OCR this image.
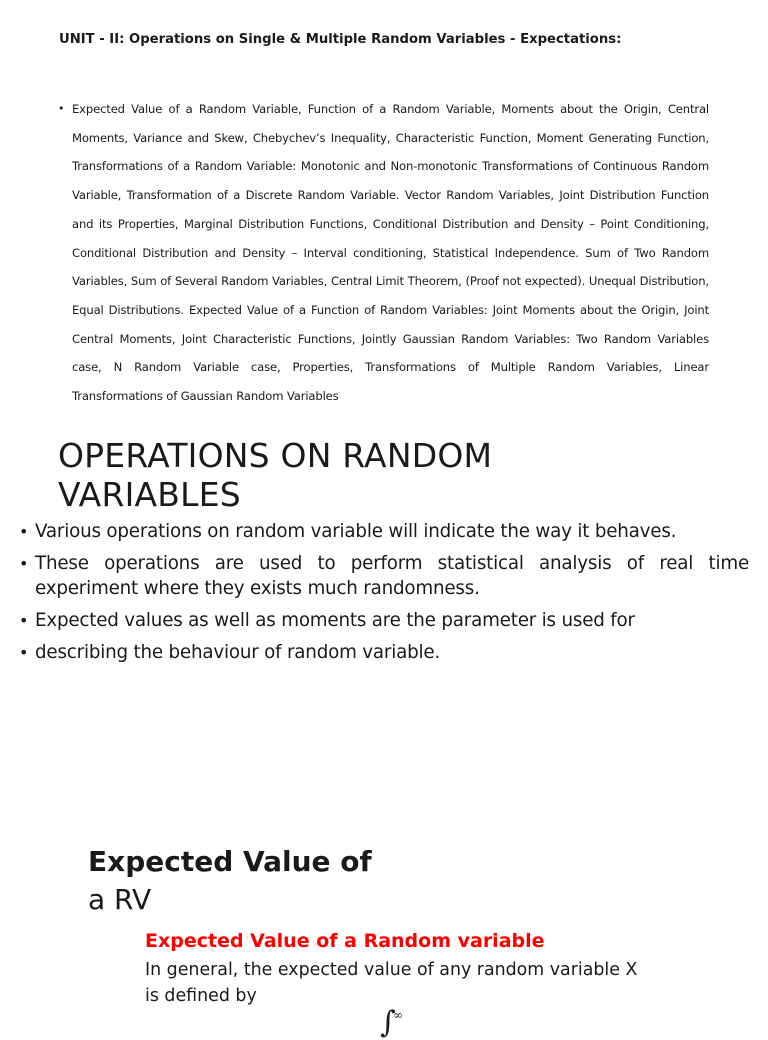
UNIT - II: Operations on Single & Multiple Random Variables - Expectations:
• Expected Value of a Random Variable, Function of a Random Variable, Moments about the Origin, Central Moments, Variance and Skew, Chebychev’s Inequality, Characteristic Function, Moment Generating Function, Transformations of a Random Variable: Monotonic and Non-monotonic Transformations of Continuous Random Variable, Transformation of a Discrete Random Variable. Vector Random Variables, Joint Distribution Function and its Properties, Marginal Distribution Functions, Conditional Distribution and Density – Point Conditioning, Conditional Distribution and Density – Interval conditioning, Statistical Independence. Sum of Two Random Variables, Sum of Several Random Variables, Central Limit Theorem, (Proof not expected). Unequal Distribution, Equal Distributions. Expected Value of a Function of Random Variables: Joint Moments about the Origin, Joint Central Moments, Joint Characteristic Functions, Jointly Gaussian Random Variables: Two Random Variables case, N Random Variable case, Properties, Transformations of Multiple Random Variables, Linear Transformations of Gaussian Random Variables
OPERATIONS ON RANDOM VARIABLES
• Various operations on random variable will indicate the way it behaves.
• These operations are used to perform statistical analysis of real time experiment where they exists much randomness.
• Expected values as well as moments are the parameter is used for
• describing the behaviour of random variable.
Expected Value of
a RV
Expected Value of a Random variable

In general, the expected value of any random variable X is defined by

∫
∞
